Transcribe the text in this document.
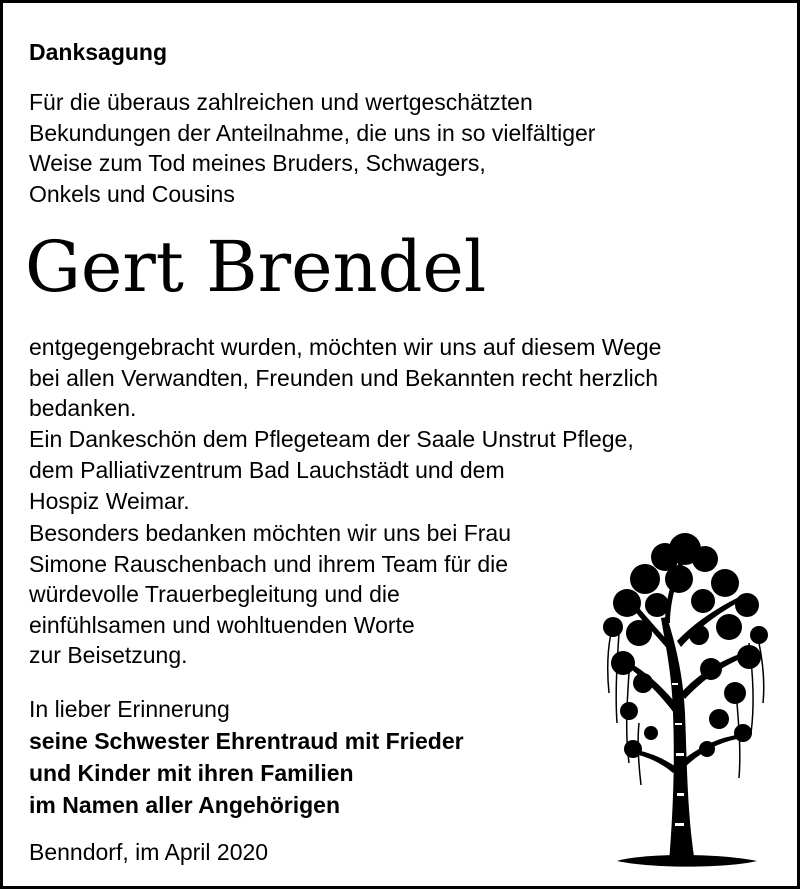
Danksagung

Für die überaus zahlreichen und wertgeschätzten
Bekundungen der Anteilnahme, die uns in so vielfältiger
Weise zum Tod meines Bruders, Schwagers,
Onkels und Cousins

Gert Brendel

entgegengebracht wurden, möchten wir uns auf diesem Wege
bei allen Verwandten, Freunden und Bekannten recht herzlich
bedanken.
Ein Dankeschön dem Pflegeteam der Saale Unstrut Pflege,
dem Palliativzentrum Bad Lauchstädt und dem
Hospiz Weimar.

Besonders bedanken möchten wir uns bei Frau
Simone Rauschenbach und ihrem Team für die
würdevolle Trauerbegleitung und die
einfühlsamen und wohltuenden Worte
zur Beisetzung.

In lieber Erinnerung
seine Schwester Ehrentraud mit Frieder
und Kinder mit ihren Familien
im Namen aller Angehörigen

Benndorf, im April 2020
